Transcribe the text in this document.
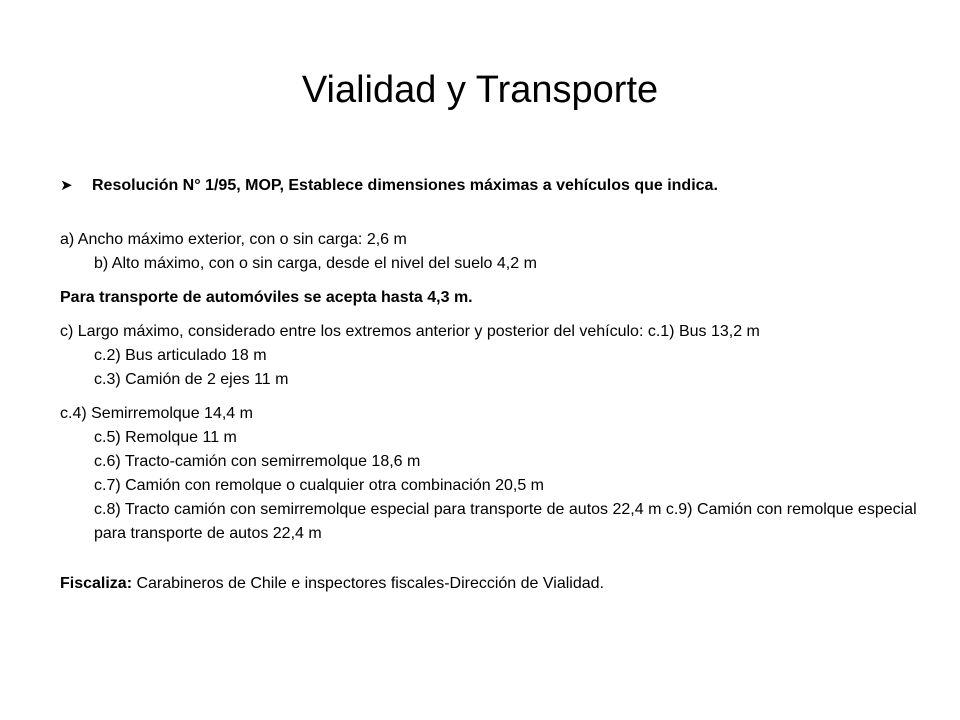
Vialidad y Transporte
➤	Resolución N° 1/95, MOP, Establece dimensiones máximas a vehículos que indica.
a) Ancho máximo exterior, con o sin carga: 2,6 m
b) Alto máximo, con o sin carga, desde el nivel del suelo 4,2 m
Para transporte de automóviles se acepta hasta 4,3 m.
c) Largo máximo, considerado entre los extremos anterior y posterior del vehículo: c.1) Bus 13,2 m
c.2) Bus articulado 18 m
c.3) Camión de 2 ejes 11 m
c.4) Semirremolque 14,4 m
c.5) Remolque 11 m
c.6) Tracto-camión con semirremolque 18,6 m
c.7) Camión con remolque o cualquier otra combinación 20,5 m
c.8) Tracto camión con semirremolque especial para transporte de autos 22,4 m c.9) Camión con remolque especial para transporte de autos 22,4 m
Fiscaliza: Carabineros de Chile e inspectores fiscales-Dirección de Vialidad.
